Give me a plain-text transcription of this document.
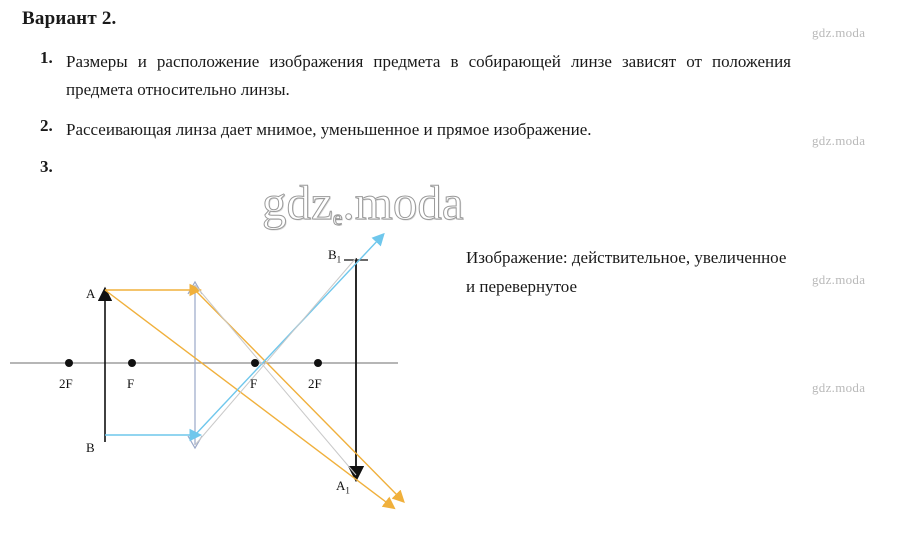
Вариант 2.
gdz.moda
gdz.moda
gdz.moda
gdz.moda
1. Размеры и расположение изображения предмета в собирающей линзе зависят от положения предмета относительно линзы.
2. Рассеивающая линза дает мнимое, уменьшенное и прямое изображение.
3.
gdze.moda
Изображение: действительное, увеличенное
и перевернутое
A
B
$B_1$
$A_1$
2F	F	F	2F
